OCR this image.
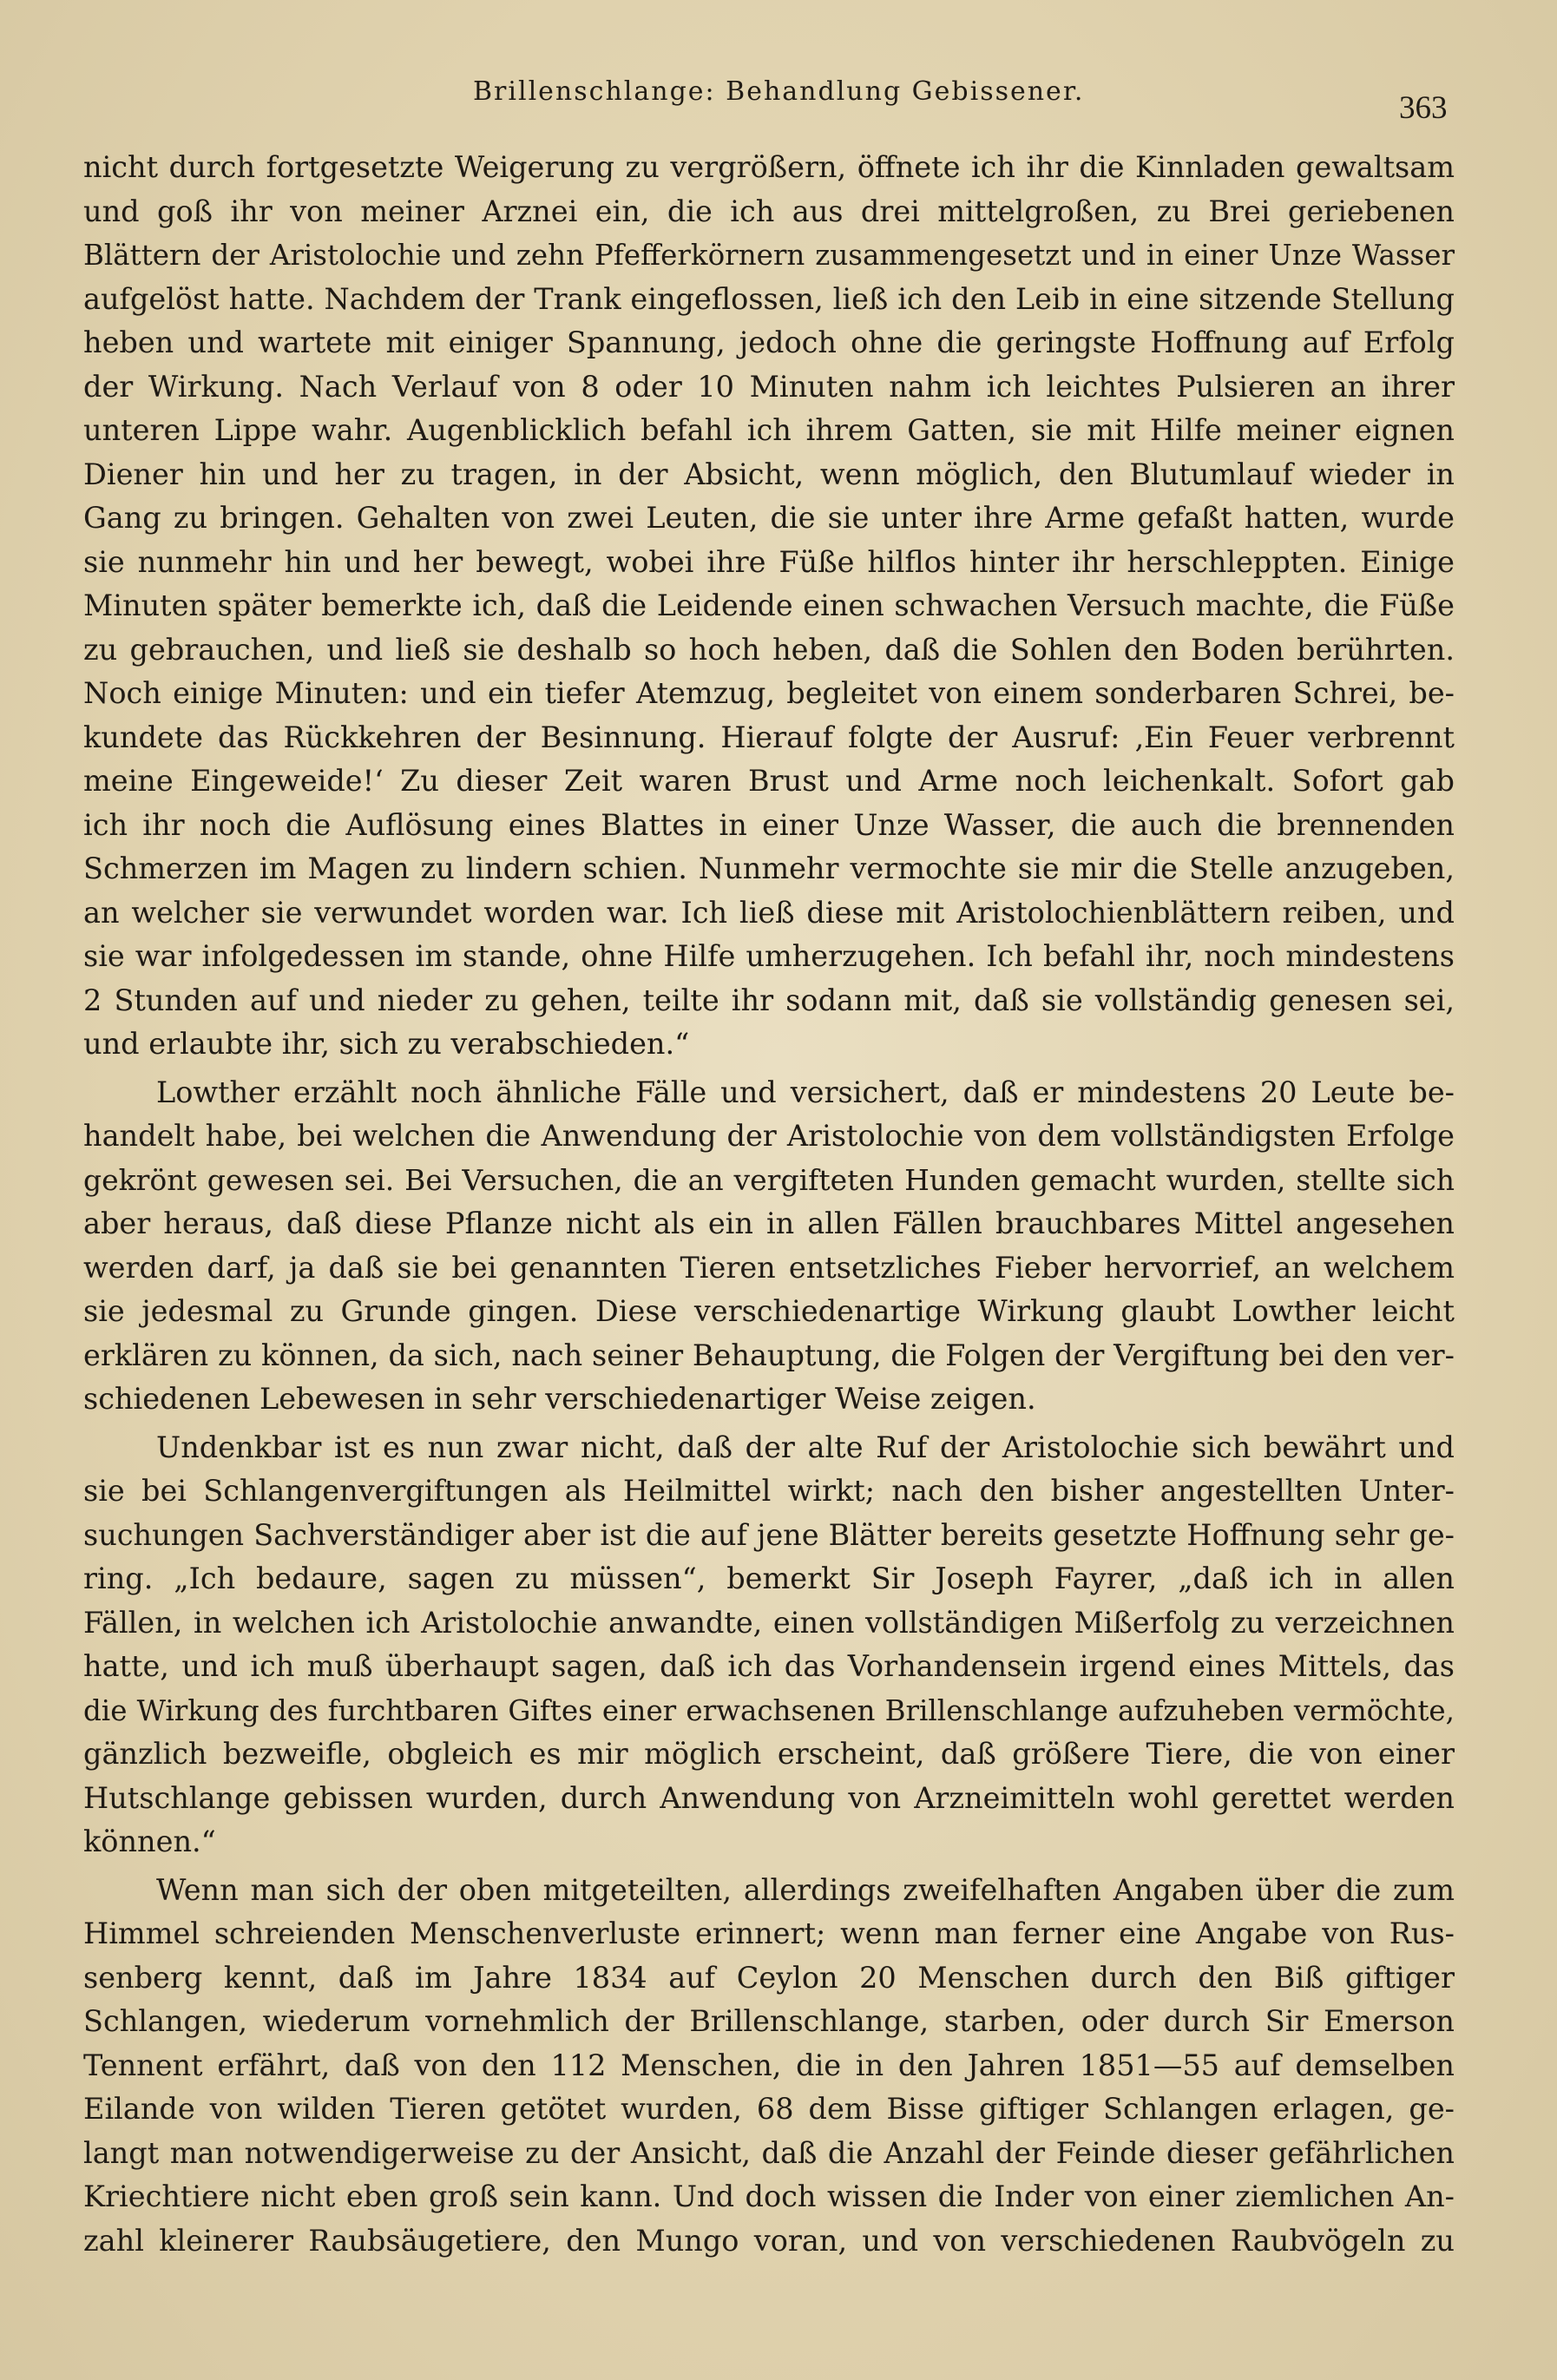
Brillenschlange: Behandlung Gebissener.	363
nicht durch fortgesetzte Weigerung zu vergrößern, öffnete ich ihr die Kinnladen gewaltsam
und goß ihr von meiner Arznei ein, die ich aus drei mittelgroßen, zu Brei geriebenen
Blättern der Aristolochie und zehn Pfefferkörnern zusammengesetzt und in einer Unze Wasser
aufgelöst hatte. Nachdem der Trank eingeflossen, ließ ich den Leib in eine sitzende Stellung
heben und wartete mit einiger Spannung, jedoch ohne die geringste Hoffnung auf Erfolg
der Wirkung. Nach Verlauf von 8 oder 10 Minuten nahm ich leichtes Pulsieren an ihrer
unteren Lippe wahr. Augenblicklich befahl ich ihrem Gatten, sie mit Hilfe meiner eignen
Diener hin und her zu tragen, in der Absicht, wenn möglich, den Blutumlauf wieder in
Gang zu bringen. Gehalten von zwei Leuten, die sie unter ihre Arme gefaßt hatten, wurde
sie nunmehr hin und her bewegt, wobei ihre Füße hilflos hinter ihr herschleppten. Einige
Minuten später bemerkte ich, daß die Leidende einen schwachen Versuch machte, die Füße
zu gebrauchen, und ließ sie deshalb so hoch heben, daß die Sohlen den Boden berührten.
Noch einige Minuten: und ein tiefer Atemzug, begleitet von einem sonderbaren Schrei, be-
kundete das Rückkehren der Besinnung. Hierauf folgte der Ausruf: ‚Ein Feuer verbrennt
meine Eingeweide!‘ Zu dieser Zeit waren Brust und Arme noch leichenkalt. Sofort gab
ich ihr noch die Auflösung eines Blattes in einer Unze Wasser, die auch die brennenden
Schmerzen im Magen zu lindern schien. Nunmehr vermochte sie mir die Stelle anzugeben,
an welcher sie verwundet worden war. Ich ließ diese mit Aristolochienblättern reiben, und
sie war infolgedessen im stande, ohne Hilfe umherzugehen. Ich befahl ihr, noch mindestens
2 Stunden auf und nieder zu gehen, teilte ihr sodann mit, daß sie vollständig genesen sei,
und erlaubte ihr, sich zu verabschieden.“
Lowther erzählt noch ähnliche Fälle und versichert, daß er mindestens 20 Leute be-
handelt habe, bei welchen die Anwendung der Aristolochie von dem vollständigsten Erfolge
gekrönt gewesen sei. Bei Versuchen, die an vergifteten Hunden gemacht wurden, stellte sich
aber heraus, daß diese Pflanze nicht als ein in allen Fällen brauchbares Mittel angesehen
werden darf, ja daß sie bei genannten Tieren entsetzliches Fieber hervorrief, an welchem
sie jedesmal zu Grunde gingen. Diese verschiedenartige Wirkung glaubt Lowther leicht
erklären zu können, da sich, nach seiner Behauptung, die Folgen der Vergiftung bei den ver-
schiedenen Lebewesen in sehr verschiedenartiger Weise zeigen.
Undenkbar ist es nun zwar nicht, daß der alte Ruf der Aristolochie sich bewährt und
sie bei Schlangenvergiftungen als Heilmittel wirkt; nach den bisher angestellten Unter-
suchungen Sachverständiger aber ist die auf jene Blätter bereits gesetzte Hoffnung sehr ge-
ring. „Ich bedaure, sagen zu müssen“, bemerkt Sir Joseph Fayrer, „daß ich in allen
Fällen, in welchen ich Aristolochie anwandte, einen vollständigen Mißerfolg zu verzeichnen
hatte, und ich muß überhaupt sagen, daß ich das Vorhandensein irgend eines Mittels, das
die Wirkung des furchtbaren Giftes einer erwachsenen Brillenschlange aufzuheben vermöchte,
gänzlich bezweifle, obgleich es mir möglich erscheint, daß größere Tiere, die von einer
Hutschlange gebissen wurden, durch Anwendung von Arzneimitteln wohl gerettet werden
können.“
Wenn man sich der oben mitgeteilten, allerdings zweifelhaften Angaben über die zum
Himmel schreienden Menschenverluste erinnert; wenn man ferner eine Angabe von Rus-
senberg kennt, daß im Jahre 1834 auf Ceylon 20 Menschen durch den Biß giftiger
Schlangen, wiederum vornehmlich der Brillenschlange, starben, oder durch Sir Emerson
Tennent erfährt, daß von den 112 Menschen, die in den Jahren 1851—55 auf demselben
Eilande von wilden Tieren getötet wurden, 68 dem Bisse giftiger Schlangen erlagen, ge-
langt man notwendigerweise zu der Ansicht, daß die Anzahl der Feinde dieser gefährlichen
Kriechtiere nicht eben groß sein kann. Und doch wissen die Inder von einer ziemlichen An-
zahl kleinerer Raubsäugetiere, den Mungo voran, und von verschiedenen Raubvögeln zu
